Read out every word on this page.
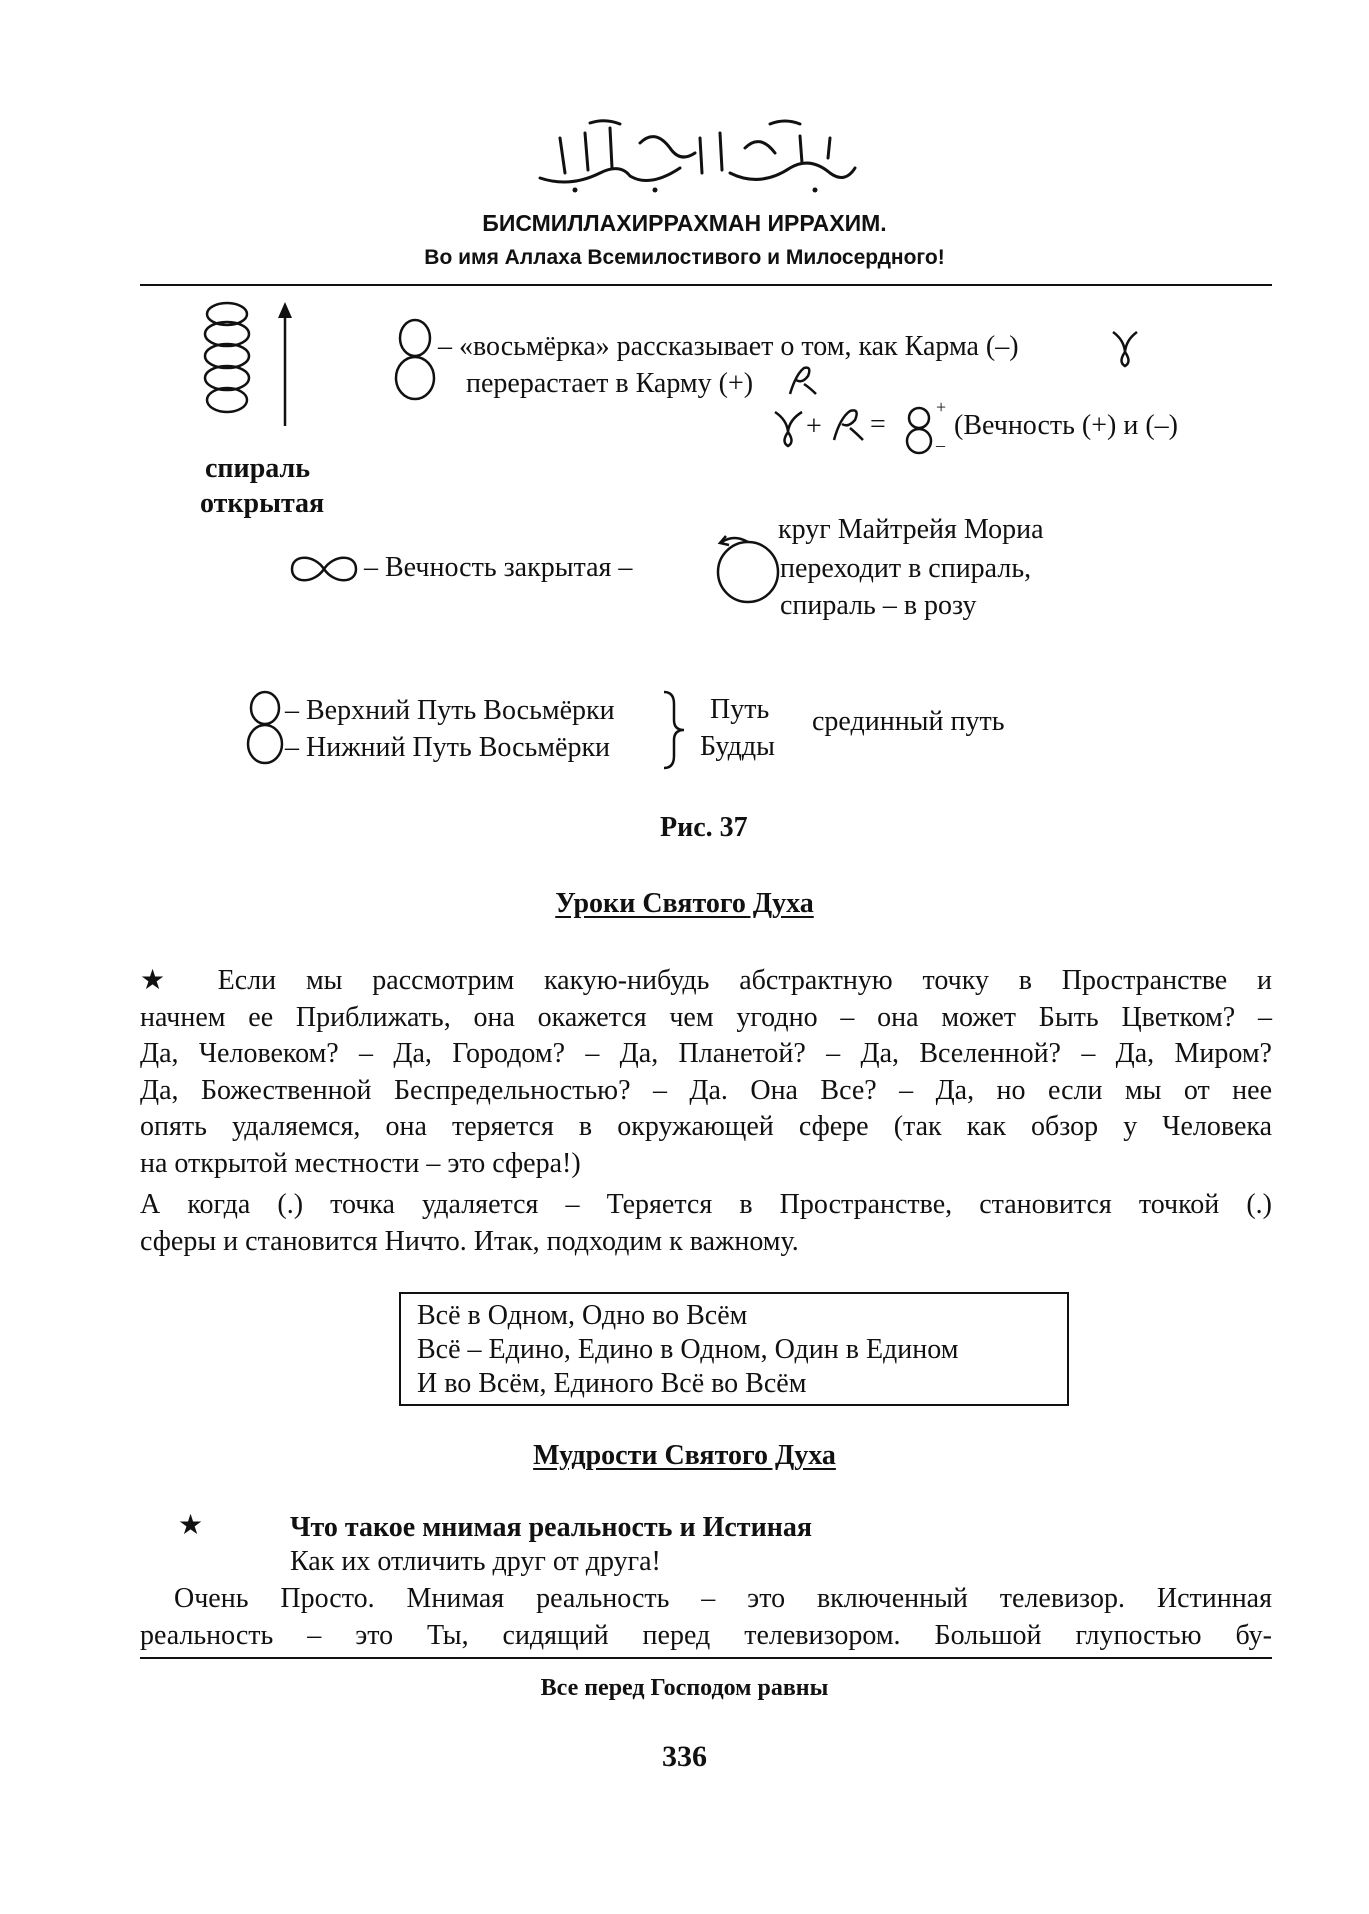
БИСМИЛЛАХИРРАХМАН ИРРАХИМ.
Во имя Аллаха Всемилостивого и Милосердного!
спираль
открытая
– «восьмёрка» рассказывает о том, как Карма (–)
перерастает в Карму (+)
+ =
+
–
(Вечность (+) и (–)
– Вечность закрытая –
круг Майтрейя Мориа
переходит в спираль,
спираль – в розу
– Верхний Путь Восьмёрки
– Нижний Путь Восьмёрки
Путь
Будды
срединный путь
Рис. 37
Уроки Святого Духа
★ Если мы рассмотрим какую-нибудь абстрактную точку в Пространстве и
начнем ее Приближать, она окажется чем угодно – она может Быть Цветком? –
Да, Человеком? – Да, Городом? – Да, Планетой? – Да, Вселенной? – Да, Миром?
Да, Божественной Беспредельностью? – Да. Она Все? – Да, но если мы от нее
опять удаляемся, она теряется в окружающей сфере (так как обзор у Человека
на открытой местности – это сфера!)
А когда (.) точка удаляется – Теряется в Пространстве, становится точкой (.)
сферы и становится Ничто. Итак, подходим к важному.
Всё в Одном, Одно во Всём
Всё – Едино, Едино в Одном, Один в Едином
И во Всём, Единого Всё во Всём
Мудрости Святого Духа
★	Что такое мнимая реальность и Истиная
Как их отличить друг от друга!
Очень Просто. Мнимая реальность – это включенный телевизор. Истинная
реальность – это Ты, сидящий перед телевизором. Большой глупостью бу-
Все перед Господом равны
336
